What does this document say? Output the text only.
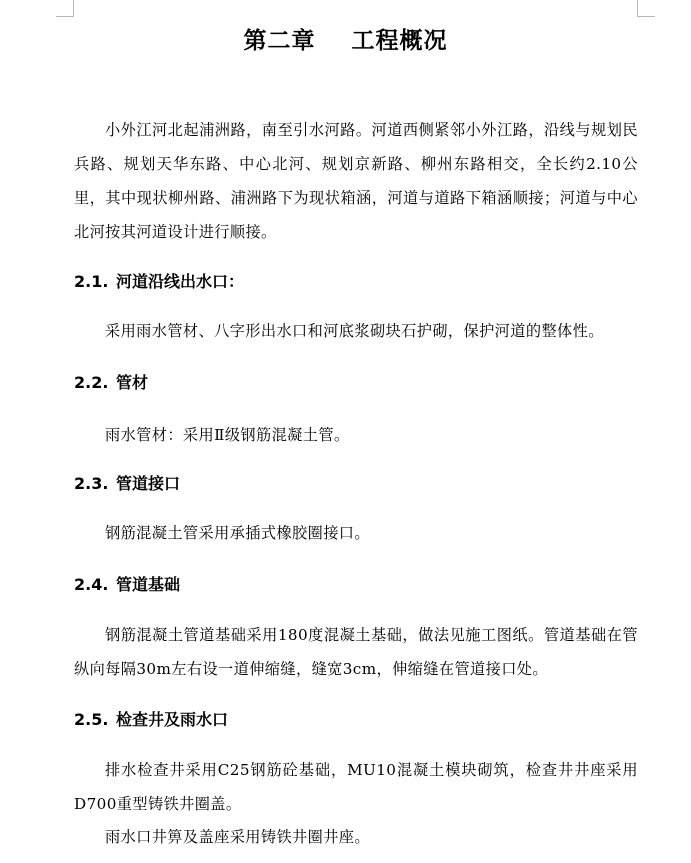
第二章    工程概况

小外江河北起浦洲路，南至引水河路。河道西侧紧邻小外江路，沿线与规划民兵路、规划天华东路、中心北河、规划京新路、柳州东路相交，全长约2.10公里，其中现状柳州路、浦洲路下为现状箱涵，河道与道路下箱涵顺接；河道与中心北河按其河道设计进行顺接。

2.1. 河道沿线出水口：

采用雨水管材、八字形出水口和河底浆砌块石护砌，保护河道的整体性。

2.2. 管材

雨水管材：采用Ⅱ级钢筋混凝土管。

2.3. 管道接口

钢筋混凝土管采用承插式橡胶圈接口。

2.4. 管道基础

钢筋混凝土管道基础采用180度混凝土基础，做法见施工图纸。管道基础在管纵向每隔30m左右设一道伸缩缝，缝宽3cm，伸缩缝在管道接口处。

2.5. 检查井及雨水口

排水检查井采用C25钢筋砼基础，MU10混凝土模块砌筑，检查井井座采用D700重型铸铁井圈盖。

雨水口井箅及盖座采用铸铁井圈井座。
